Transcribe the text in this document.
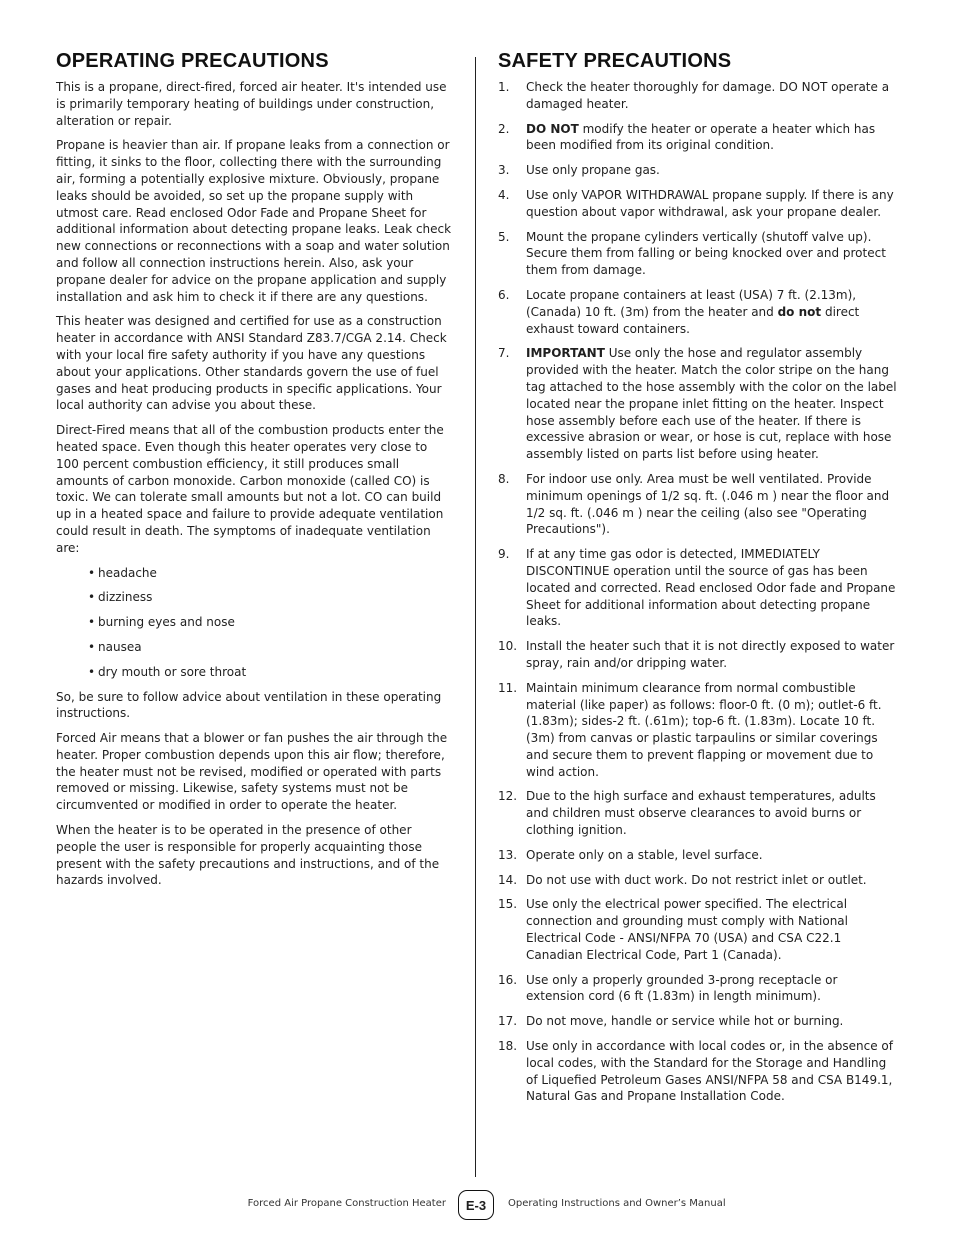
OPERATING PRECAUTIONS

This is a propane, direct-fired, forced air heater. It's intended use is primarily temporary heating of buildings under construction, alteration or repair.

Propane is heavier than air. If propane leaks from a connection or fitting, it sinks to the floor, collecting there with the surrounding air, forming a potentially explosive mixture. Obviously, propane leaks should be avoided, so set up the propane supply with utmost care. Read enclosed Odor Fade and Propane Sheet for additional information about detecting propane leaks. Leak check new connections or reconnections with a soap and water solution and follow all connection instructions herein. Also, ask your propane dealer for advice on the propane application and supply installation and ask him to check it if there are any questions.

This heater was designed and certified for use as a construction heater in accordance with ANSI Standard Z83.7/CGA 2.14. Check with your local fire safety authority if you have any questions about your applications. Other standards govern the use of fuel gases and heat producing products in specific applications. Your local authority can advise you about these.

Direct-Fired means that all of the combustion products enter the heated space. Even though this heater operates very close to 100 percent combustion efficiency, it still produces small amounts of carbon monoxide. Carbon monoxide (called CO) is toxic. We can tolerate small amounts but not a lot. CO can build up in a heated space and failure to provide adequate ventilation could result in death. The symptoms of inadequate ventilation are:

• headache
• dizziness
• burning eyes and nose
• nausea
• dry mouth or sore throat

So, be sure to follow advice about ventilation in these operating instructions.

Forced Air means that a blower or fan pushes the air through the heater. Proper combustion depends upon this air flow; therefore, the heater must not be revised, modified or operated with parts removed or missing. Likewise, safety systems must not be circumvented or modified in order to operate the heater.

When the heater is to be operated in the presence of other people the user is responsible for properly acquainting those present with the safety precautions and instructions, and of the hazards involved.

SAFETY PRECAUTIONS
1. Check the heater thoroughly for damage. DO NOT operate a damaged heater.
2. DO NOT modify the heater or operate a heater which has been modified from its original condition.
3. Use only propane gas.
4. Use only VAPOR WITHDRAWAL propane supply. If there is any question about vapor withdrawal, ask your propane dealer.
5. Mount the propane cylinders vertically (shutoff valve up). Secure them from falling or being knocked over and protect them from damage.
6. Locate propane containers at least (USA) 7 ft. (2.13m), (Canada) 10 ft. (3m) from the heater and do not direct exhaust toward containers.
7. IMPORTANT Use only the hose and regulator assembly provided with the heater. Match the color stripe on the hang tag attached to the hose assembly with the color on the label located near the propane inlet fitting on the heater. Inspect hose assembly before each use of the heater. If there is excessive abrasion or wear, or hose is cut, replace with hose assembly listed on parts list before using heater.
8. For indoor use only. Area must be well ventilated. Provide minimum openings of 1/2 sq. ft. (.046 m ) near the floor and 1/2 sq. ft. (.046 m ) near the ceiling (also see "Operating Precautions").
9. If at any time gas odor is detected, IMMEDIATELY DISCONTINUE operation until the source of gas has been located and corrected. Read enclosed Odor fade and Propane Sheet for additional information about detecting propane leaks.
10. Install the heater such that it is not directly exposed to water spray, rain and/or dripping water.
11. Maintain minimum clearance from normal combustible material (like paper) as follows: floor-0 ft. (0 m); outlet-6 ft. (1.83m); sides-2 ft. (.61m); top-6 ft. (1.83m). Locate 10 ft. (3m) from canvas or plastic tarpaulins or similar coverings and secure them to prevent flapping or movement due to wind action.
12. Due to the high surface and exhaust temperatures, adults and children must observe clearances to avoid burns or clothing ignition.
13. Operate only on a stable, level surface.
14. Do not use with duct work. Do not restrict inlet or outlet.
15. Use only the electrical power specified. The electrical connection and grounding must comply with National Electrical Code - ANSI/NFPA 70 (USA) and CSA C22.1 Canadian Electrical Code, Part 1 (Canada).
16. Use only a properly grounded 3-prong receptacle or extension cord (6 ft (1.83m) in length minimum).
17. Do not move, handle or service while hot or burning.
18. Use only in accordance with local codes or, in the absence of local codes, with the Standard for the Storage and Handling of Liquefied Petroleum Gases ANSI/NFPA 58 and CSA B149.1, Natural Gas and Propane Installation Code.
Forced Air Propane Construction Heater	E-3	Operating Instructions and Owner’s Manual
